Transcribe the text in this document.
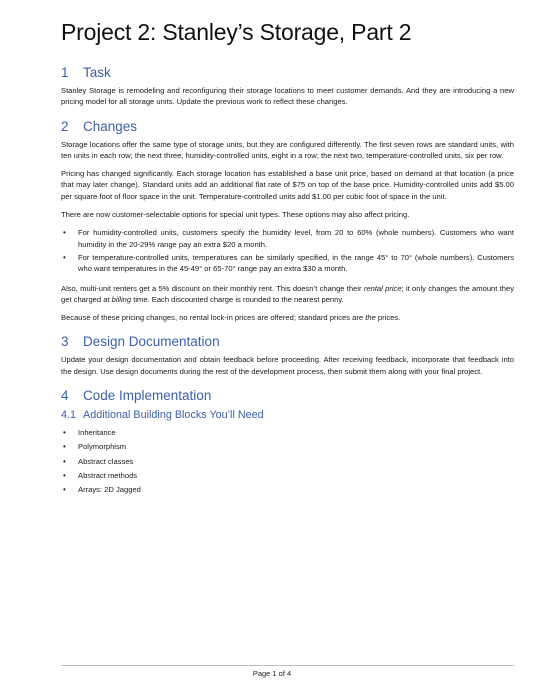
Project 2: Stanley’s Storage, Part 2
1 Task

Stanley Storage is remodeling and reconfiguring their storage locations to meet customer demands. And they are introducing a new pricing model for all storage units. Update the previous work to reflect these changes.

2 Changes

Storage locations offer the same type of storage units, but they are configured differently. The first seven rows are standard units, with ten units in each row; the next three, humidity-controlled units, eight in a row; the next two, temperature-controlled units, six per row.

Pricing has changed significantly. Each storage location has established a base unit price, based on demand at that location (a price that may later change). Standard units add an additional flat rate of $75 on top of the base price. Humidity-controlled units add $5.00 per square foot of floor space in the unit. Temperature-controlled units add $1.00 per cubic foot of space in the unit.

There are now customer-selectable options for special unit types. These options may also affect pricing.

• For humidity-controlled units, customers specify the humidity level, from 20 to 60% (whole numbers). Customers who want humidity in the 20-29% range pay an extra $20 a month.
• For temperature-controlled units, temperatures can be similarly specified, in the range 45° to 70° (whole numbers). Customers who want temperatures in the 45-49° or 65-70° range pay an extra $30 a month.

Also, multi-unit renters get a 5% discount on their monthly rent. This doesn’t change their rental price; it only changes the amount they get charged at billing time. Each discounted charge is rounded to the nearest penny.

Because of these pricing changes, no rental lock-in prices are offered; standard prices are the prices.

3 Design Documentation

Update your design documentation and obtain feedback before proceeding. After receiving feedback, incorporate that feedback into the design. Use design documents during the rest of the development process, then submit them along with your final project.

4 Code Implementation
4.1 Additional Building Blocks You’ll Need
• Inheritance
• Polymorphism
• Abstract classes
• Abstract methods
• Arrays: 2D Jagged
Page 1 of 4
